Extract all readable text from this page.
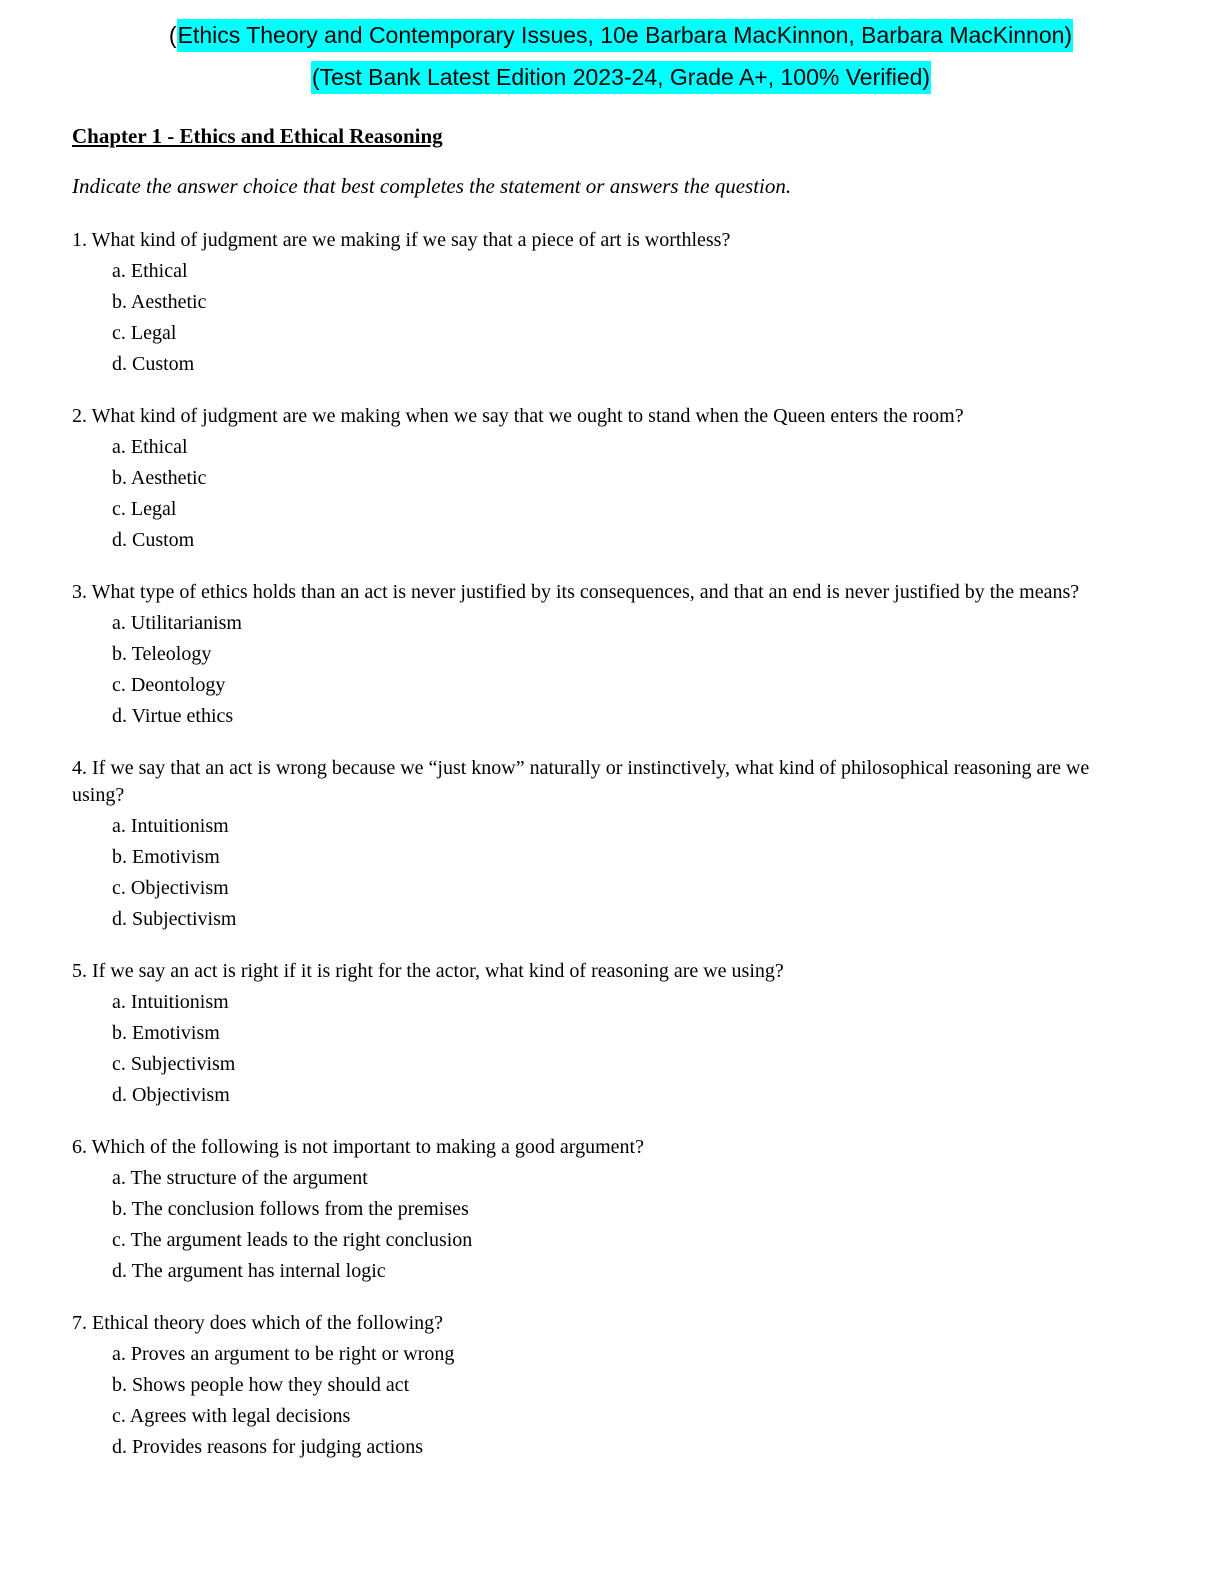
(Ethics Theory and Contemporary Issues, 10e Barbara MacKinnon, Barbara MacKinnon)
(Test Bank Latest Edition 2023-24, Grade A+, 100% Verified)
Chapter 1 - Ethics and Ethical Reasoning
Indicate the answer choice that best completes the statement or answers the question.
1. What kind of judgment are we making if we say that a piece of art is worthless?
a. Ethical
b. Aesthetic
c. Legal
d. Custom
2. What kind of judgment are we making when we say that we ought to stand when the Queen enters the room?
a. Ethical
b. Aesthetic
c. Legal
d. Custom
3. What type of ethics holds than an act is never justified by its consequences, and that an end is never justified by the means?
a. Utilitarianism
b. Teleology
c. Deontology
d. Virtue ethics
4. If we say that an act is wrong because we “just know” naturally or instinctively, what kind of philosophical reasoning are we using?
a. Intuitionism
b. Emotivism
c. Objectivism
d. Subjectivism
5. If we say an act is right if it is right for the actor, what kind of reasoning are we using?
a. Intuitionism
b. Emotivism
c. Subjectivism
d. Objectivism
6. Which of the following is not important to making a good argument?
a. The structure of the argument
b. The conclusion follows from the premises
c. The argument leads to the right conclusion
d. The argument has internal logic
7. Ethical theory does which of the following?
a. Proves an argument to be right or wrong
b. Shows people how they should act
c. Agrees with legal decisions
d. Provides reasons for judging actions
